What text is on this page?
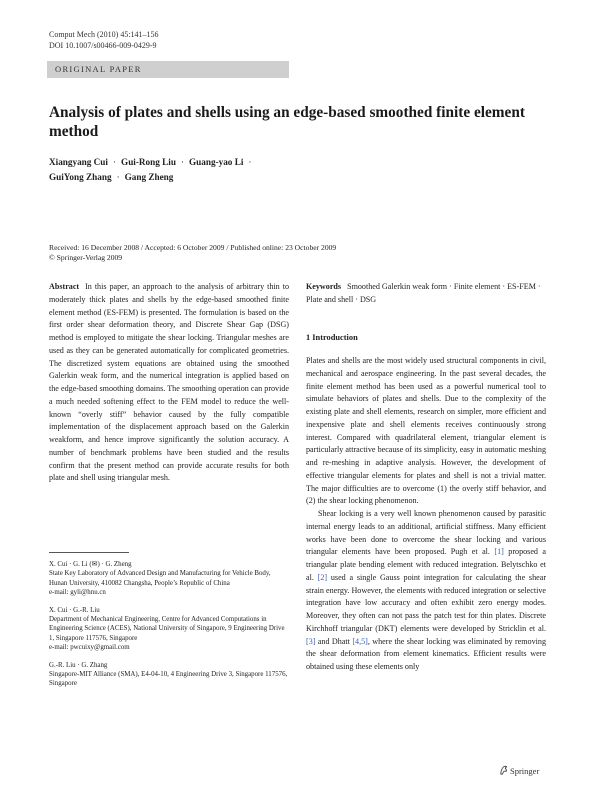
Comput Mech (2010) 45:141–156
DOI 10.1007/s00466-009-0429-9
ORIGINAL PAPER
Analysis of plates and shells using an edge-based smoothed finite element method
Xiangyang Cui · Gui-Rong Liu · Guang-yao Li ·
GuiYong Zhang · Gang Zheng
Received: 16 December 2008 / Accepted: 6 October 2009 / Published online: 23 October 2009
© Springer-Verlag 2009
Abstract In this paper, an approach to the analysis of arbitrary thin to moderately thick plates and shells by the edge-based smoothed finite element method (ES-FEM) is presented. The formulation is based on the first order shear deformation theory, and Discrete Shear Gap (DSG) method is employed to mitigate the shear locking. Triangular meshes are used as they can be generated automatically for complicated geometries. The discretized system equations are obtained using the smoothed Galerkin weak form, and the numerical integration is applied based on the edge-based smoothing domains. The smoothing operation can provide a much needed softening effect to the FEM model to reduce the well-known “overly stiff” behavior caused by the fully compatible implementation of the displacement approach based on the Galerkin weakform, and hence improve significantly the solution accuracy. A number of benchmark problems have been studied and the results confirm that the present method can provide accurate results for both plate and shell using triangular mesh.
X. Cui · G. Li (✉) · G. Zheng
State Key Laboratory of Advanced Design and Manufacturing for Vehicle Body, Hunan University, 410082 Changsha, People’s Republic of China
e-mail: gyli@hnu.cn
X. Cui · G.-R. Liu
Department of Mechanical Engineering, Centre for Advanced Computations in Engineering Science (ACES), National University of Singapore, 9 Engineering Drive 1, Singapore 117576, Singapore
e-mail: pwcuixy@gmail.com
G.-R. Liu · G. Zhang
Singapore-MIT Alliance (SMA), E4-04-10, 4 Engineering Drive 3, Singapore 117576, Singapore
Keywords Smoothed Galerkin weak form · Finite element · ES-FEM · Plate and shell · DSG
1 Introduction

Plates and shells are the most widely used structural components in civil, mechanical and aerospace engineering. In the past several decades, the finite element method has been used as a powerful numerical tool to simulate behaviors of plates and shells. Due to the complexity of the existing plate and shell elements, research on simpler, more efficient and inexpensive plate and shell elements receives continuously strong interest. Compared with quadrilateral element, triangular element is particularly attractive because of its simplicity, easy in automatic meshing and re-meshing in adaptive analysis. However, the development of effective triangular elements for plates and shell is not a trivial matter. The major difficulties are to overcome (1) the overly stiff behavior, and (2) the shear locking phenomenon.

Shear locking is a very well known phenomenon caused by parasitic internal energy leads to an additional, artificial stiffness. Many efficient works have been done to overcome the shear locking and various triangular elements have been proposed. Pugh et al. [1] proposed a triangular plate bending element with reduced integration. Belytschko et al. [2] used a single Gauss point integration for calculating the shear strain energy. However, the elements with reduced integration or selective integration have low accuracy and often exhibit zero energy modes. Moreover, they often can not pass the patch test for thin plates. Discrete Kirchhoff triangular (DKT) elements were developed by Stricklin et al. [3] and Dhatt [4,5], where the shear locking was eliminated by removing the shear deformation from element kinematics. Efficient results were obtained using these elements only

Springer
